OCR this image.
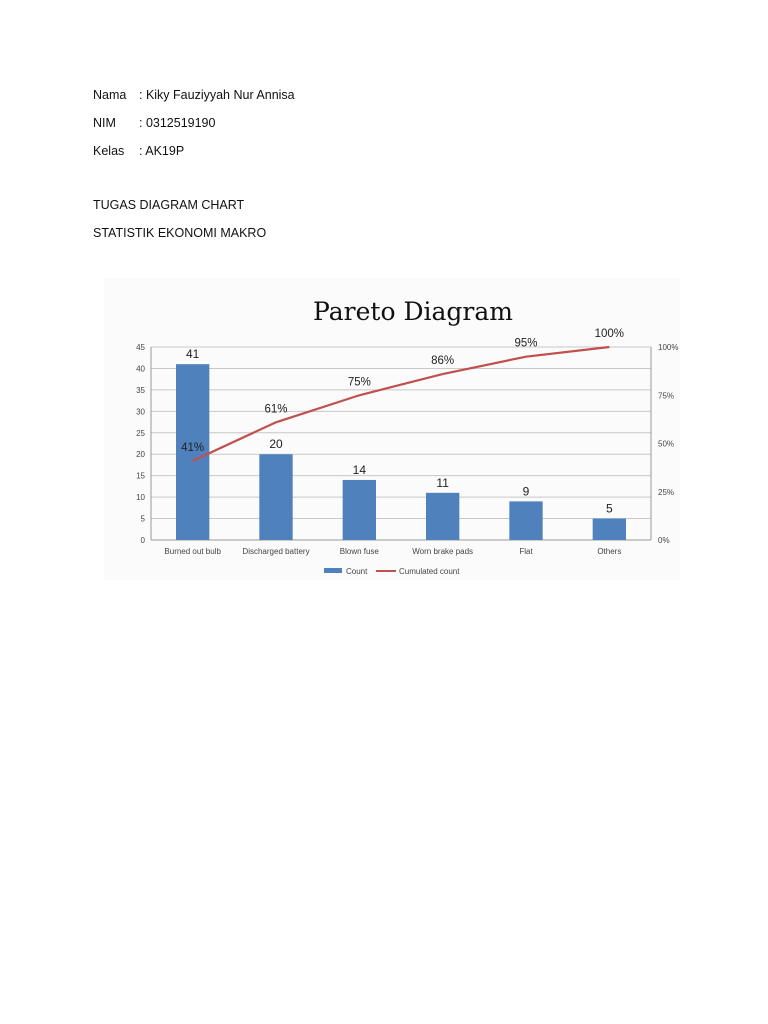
Nama : Kiky Fauziyyah Nur Annisa
NIM : 0312519190
Kelas : AK19P
TUGAS DIAGRAM CHART
STATISTIK EKONOMI MAKRO
Pareto Diagram
0
5
10
15
20
25
30
35
40
45
0%
25%
50%
75%
100%
41
20
14
11
9
5
Burned out bulb	Discharged battery	Blown fuse	Worn brake pads	Flat	Others
41%
61%
75%
86%
95%
100%
Count	Cumulated count
